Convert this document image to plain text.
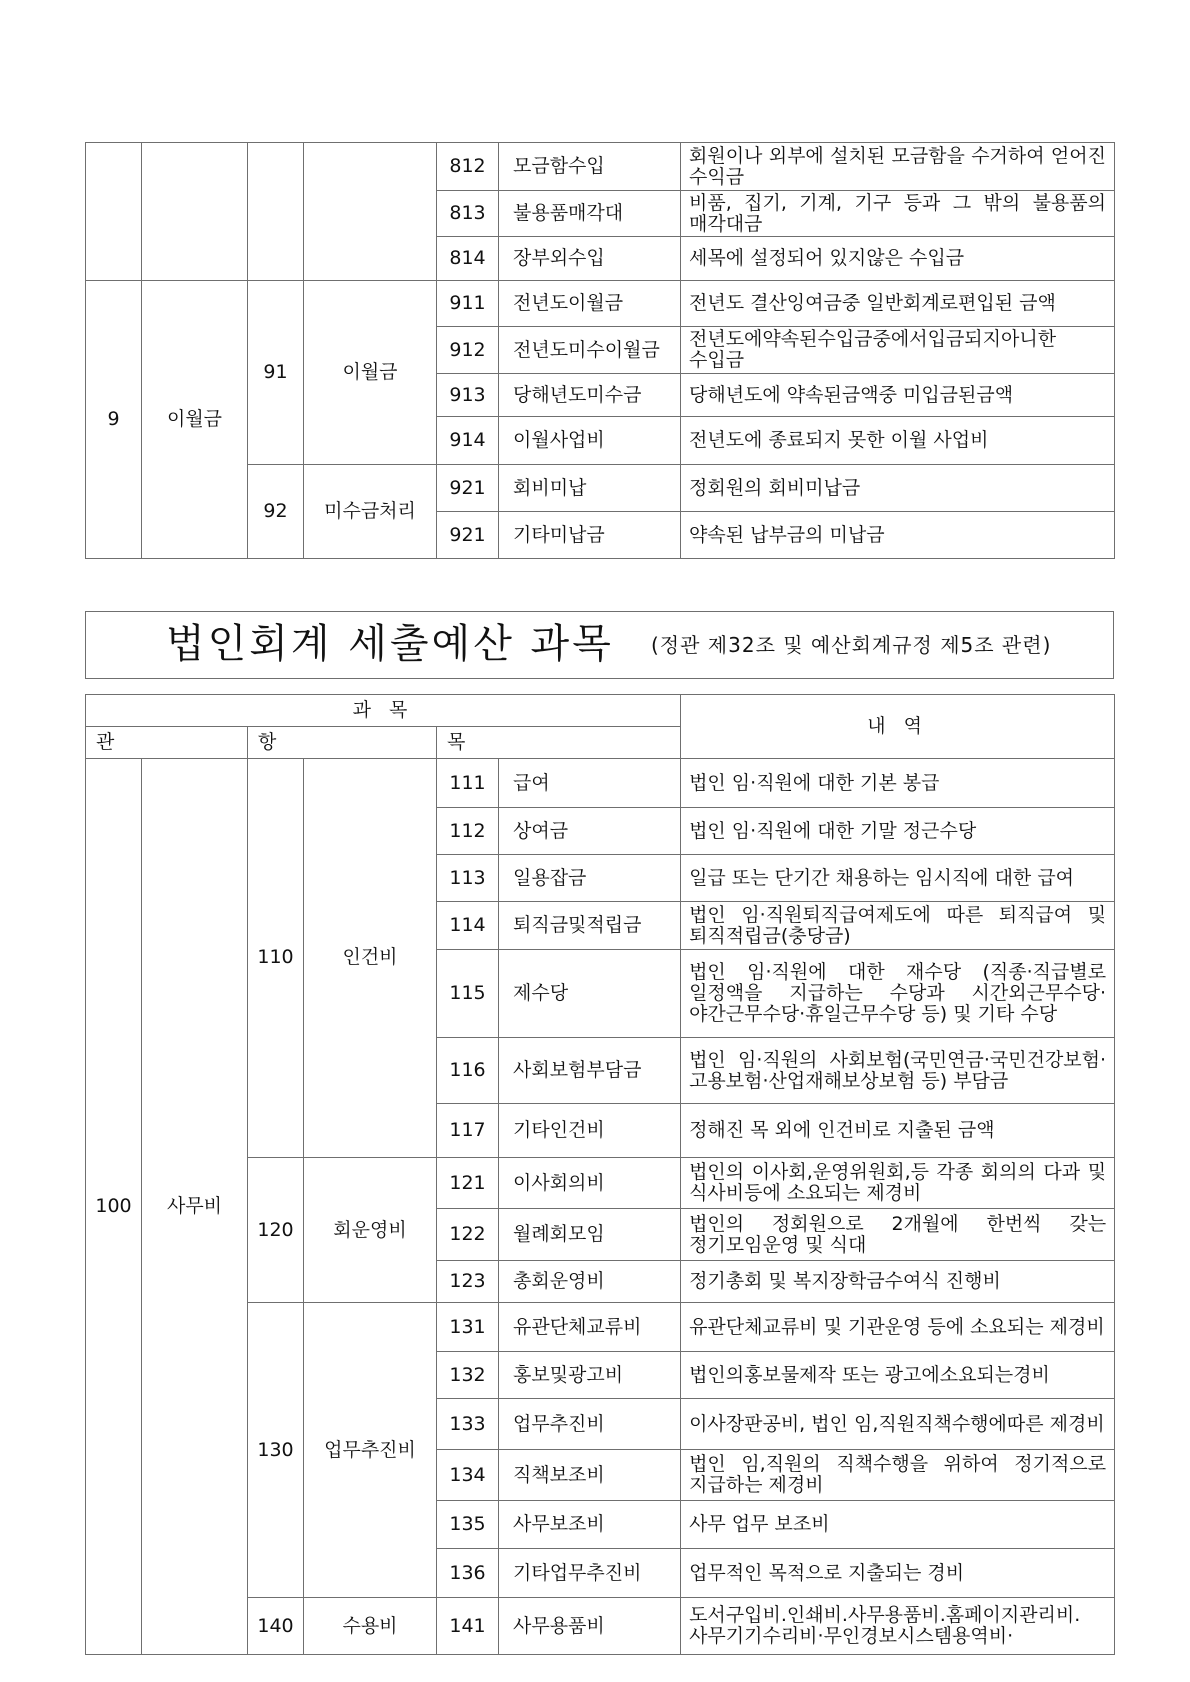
				812	모금함수입	회원이나 외부에 설치된 모금함을 수거하여 얻어진 수익금
				813	불용품매각대	비품, 집기, 기계, 기구 등과 그 밖의 불용품의 매각대금
				814	장부외수입	세목에 설정되어 있지않은 수입금
9	이월금	91	이월금	911	전년도이월금	전년도 결산잉여금중 일반회계로편입된 금액
				912	전년도미수이월금	전년도에약속된수입금중에서입금되지아니한 수입금
				913	당해년도미수금	당해년도에 약속된금액중 미입금된금액
				914	이월사업비	전년도에 종료되지 못한 이월 사업비
		92	미수금처리	921	회비미납	정회원의 회비미납금
				921	기타미납금	약속된 납부금의 미납금
법인회계 세출예산 과목 (정관 제32조 및 예산회계규정 제5조 관련)
과 목						내 역
관		항		목		
100	사무비	110	인건비	111	급여	법인 임·직원에 대한 기본 봉급
				112	상여금	법인 임·직원에 대한 기말 정근수당
				113	일용잡금	일급 또는 단기간 채용하는 임시직에 대한 급여
				114	퇴직금및적립금	법인 임·직원퇴직급여제도에 따른 퇴직급여 및 퇴직적립금(충당금)
				115	제수당	법인 임·직원에 대한 재수당 (직종·직급별로 일정액을 지급하는 수당과 시간외근무수당·야간근무수당·휴일근무수당 등) 및 기타 수당
				116	사회보험부담금	법인 임·직원의 사회보험(국민연금·국민건강보험·고용보험·산업재해보상보험 등) 부담금
				117	기타인건비	정해진 목 외에 인건비로 지출된 금액
		120	회운영비	121	이사회의비	법인의 이사회,운영위원회,등 각종 회의의 다과 및 식사비등에 소요되는 제경비
				122	월례회모임	법인의 정회원으로 2개월에 한번씩 갖는 정기모임운영 및 식대
				123	총회운영비	정기총회 및 복지장학금수여식 진행비
		130	업무추진비	131	유관단체교류비	유관단체교류비 및 기관운영 등에 소요되는 제경비
				132	홍보및광고비	법인의홍보물제작 또는 광고에소요되는경비
				133	업무추진비	이사장판공비, 법인 임,직원직책수행에따른 제경비
				134	직책보조비	법인 임,직원의 직책수행을 위하여 정기적으로 지급하는 제경비
				135	사무보조비	사무 업무 보조비
				136	기타업무추진비	업무적인 목적으로 지출되는 경비
		140	수용비	141	사무용품비	도서구입비.인쇄비.사무용품비.홈페이지관리비.사무기기수리비·무인경보시스템용역비·
